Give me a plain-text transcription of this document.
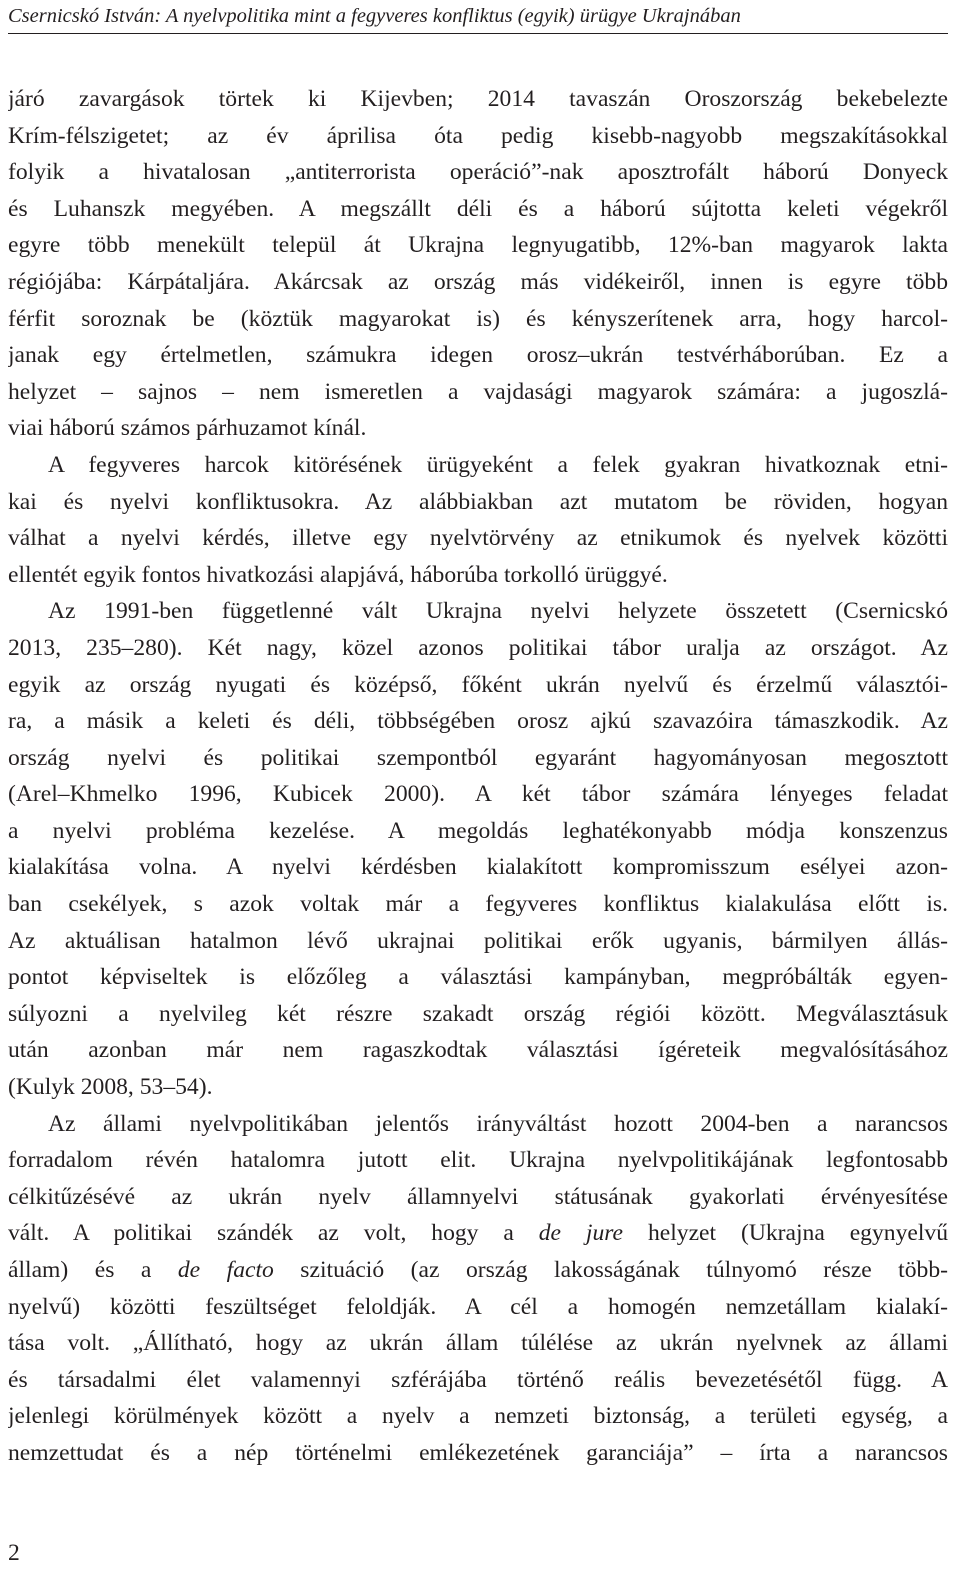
Csernicskó István: A nyelvpolitika mint a fegyveres konfliktus (egyik) ürügye Ukrajnában
járó zavargások törtek ki Kijevben; 2014 tavaszán Oroszország bekebelezte
Krím-félszigetet; az év áprilisa óta pedig kisebb-nagyobb megszakításokkal
folyik a hivatalosan „antiterrorista operáció”-nak aposztrofált háború Donyeck
és Luhanszk megyében. A megszállt déli és a háború sújtotta keleti végekről
egyre több menekült települ át Ukrajna legnyugatibb, 12%-ban magyarok lakta
régiójába: Kárpátaljára. Akárcsak az ország más vidékeiről, innen is egyre több
férfit soroznak be (köztük magyarokat is) és kényszerítenek arra, hogy harcol-
janak egy értelmetlen, számukra idegen orosz–ukrán testvérháborúban. Ez a
helyzet – sajnos – nem ismeretlen a vajdasági magyarok számára: a jugoszlá-
viai háború számos párhuzamot kínál.
A fegyveres harcok kitörésének ürügyeként a felek gyakran hivatkoznak etni-
kai és nyelvi konfliktusokra. Az alábbiakban azt mutatom be röviden, hogyan
válhat a nyelvi kérdés, illetve egy nyelvtörvény az etnikumok és nyelvek közötti
ellentét egyik fontos hivatkozási alapjává, háborúba torkolló ürüggyé.
Az 1991-ben függetlenné vált Ukrajna nyelvi helyzete összetett (Csernicskó
2013, 235–280). Két nagy, közel azonos politikai tábor uralja az országot. Az
egyik az ország nyugati és középső, főként ukrán nyelvű és érzelmű választói-
ra, a másik a keleti és déli, többségében orosz ajkú szavazóira támaszkodik. Az
ország nyelvi és politikai szempontból egyaránt hagyományosan megosztott
(Arel–Khmelko 1996, Kubicek 2000). A két tábor számára lényeges feladat
a nyelvi probléma kezelése. A megoldás leghatékonyabb módja konszenzus
kialakítása volna. A nyelvi kérdésben kialakított kompromisszum esélyei azon-
ban csekélyek, s azok voltak már a fegyveres konfliktus kialakulása előtt is.
Az aktuálisan hatalmon lévő ukrajnai politikai erők ugyanis, bármilyen állás-
pontot képviseltek is előzőleg a választási kampányban, megpróbálták egyen-
súlyozni a nyelvileg két részre szakadt ország régiói között. Megválasztásuk
után azonban már nem ragaszkodtak választási ígéreteik megvalósításához
(Kulyk 2008, 53–54).
Az állami nyelvpolitikában jelentős irányváltást hozott 2004-ben a narancsos
forradalom révén hatalomra jutott elit. Ukrajna nyelvpolitikájának legfontosabb
célkitűzésévé az ukrán nyelv államnyelvi státusának gyakorlati érvényesítése
vált. A politikai szándék az volt, hogy a de jure helyzet (Ukrajna egynyelvű
állam) és a de facto szituáció (az ország lakosságának túlnyomó része több-
nyelvű) közötti feszültséget feloldják. A cél a homogén nemzetállam kialakí-
tása volt. „Állítható, hogy az ukrán állam túlélése az ukrán nyelvnek az állami
és társadalmi élet valamennyi szférájába történő reális bevezetésétől függ. A
jelenlegi körülmények között a nyelv a nemzeti biztonság, a területi egység, a
nemzettudat és a nép történelmi emlékezetének garanciája” – írta a narancsos
2
